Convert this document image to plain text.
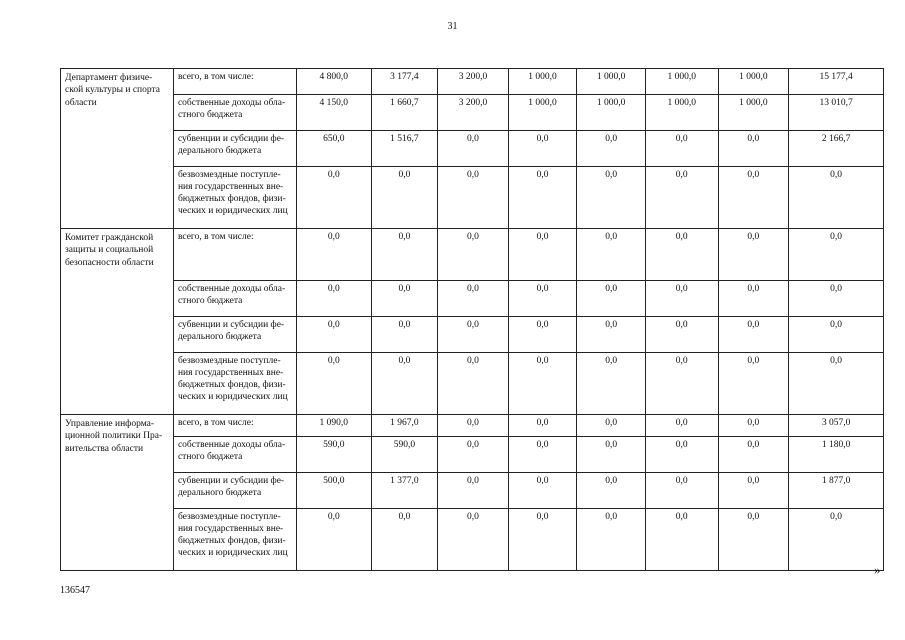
31
Департамент физиче-ской культуры и спорта области	всего, в том числе:	4 800,0	3 177,4	3 200,0	1 000,0	1 000,0	1 000,0	1 000,0	15 177,4
	собственные доходы обла-стного бюджета	4 150,0	1 660,7	3 200,0	1 000,0	1 000,0	1 000,0	1 000,0	13 010,7
	субвенции и субсидии фе-дерального бюджета	650,0	1 516,7	0,0	0,0	0,0	0,0	0,0	2 166,7
	безвозмездные поступле-ния государственных вне-бюджетных фондов, физи-ческих и юридических лиц	0,0	0,0	0,0	0,0	0,0	0,0	0,0	0,0
Комитет гражданской защиты и социальной безопасности области	всего, в том числе:	0,0	0,0	0,0	0,0	0,0	0,0	0,0	0,0
	собственные доходы обла-стного бюджета	0,0	0,0	0,0	0,0	0,0	0,0	0,0	0,0
	субвенции и субсидии фе-дерального бюджета	0,0	0,0	0,0	0,0	0,0	0,0	0,0	0,0
	безвозмездные поступле-ния государственных вне-бюджетных фондов, физи-ческих и юридических лиц	0,0	0,0	0,0	0,0	0,0	0,0	0,0	0,0
Управление информа-ционной политики Пра-вительства области	всего, в том числе:	1 090,0	1 967,0	0,0	0,0	0,0	0,0	0,0	3 057,0
	собственные доходы обла-стного бюджета	590,0	590,0	0,0	0,0	0,0	0,0	0,0	1 180,0
	субвенции и субсидии фе-дерального бюджета	500,0	1 377,0	0,0	0,0	0,0	0,0	0,0	1 877,0
	безвозмездные поступле-ния государственных вне-бюджетных фондов, физи-ческих и юридических лиц	0,0	0,0	0,0	0,0	0,0	0,0	0,0	0,0
»
136547
